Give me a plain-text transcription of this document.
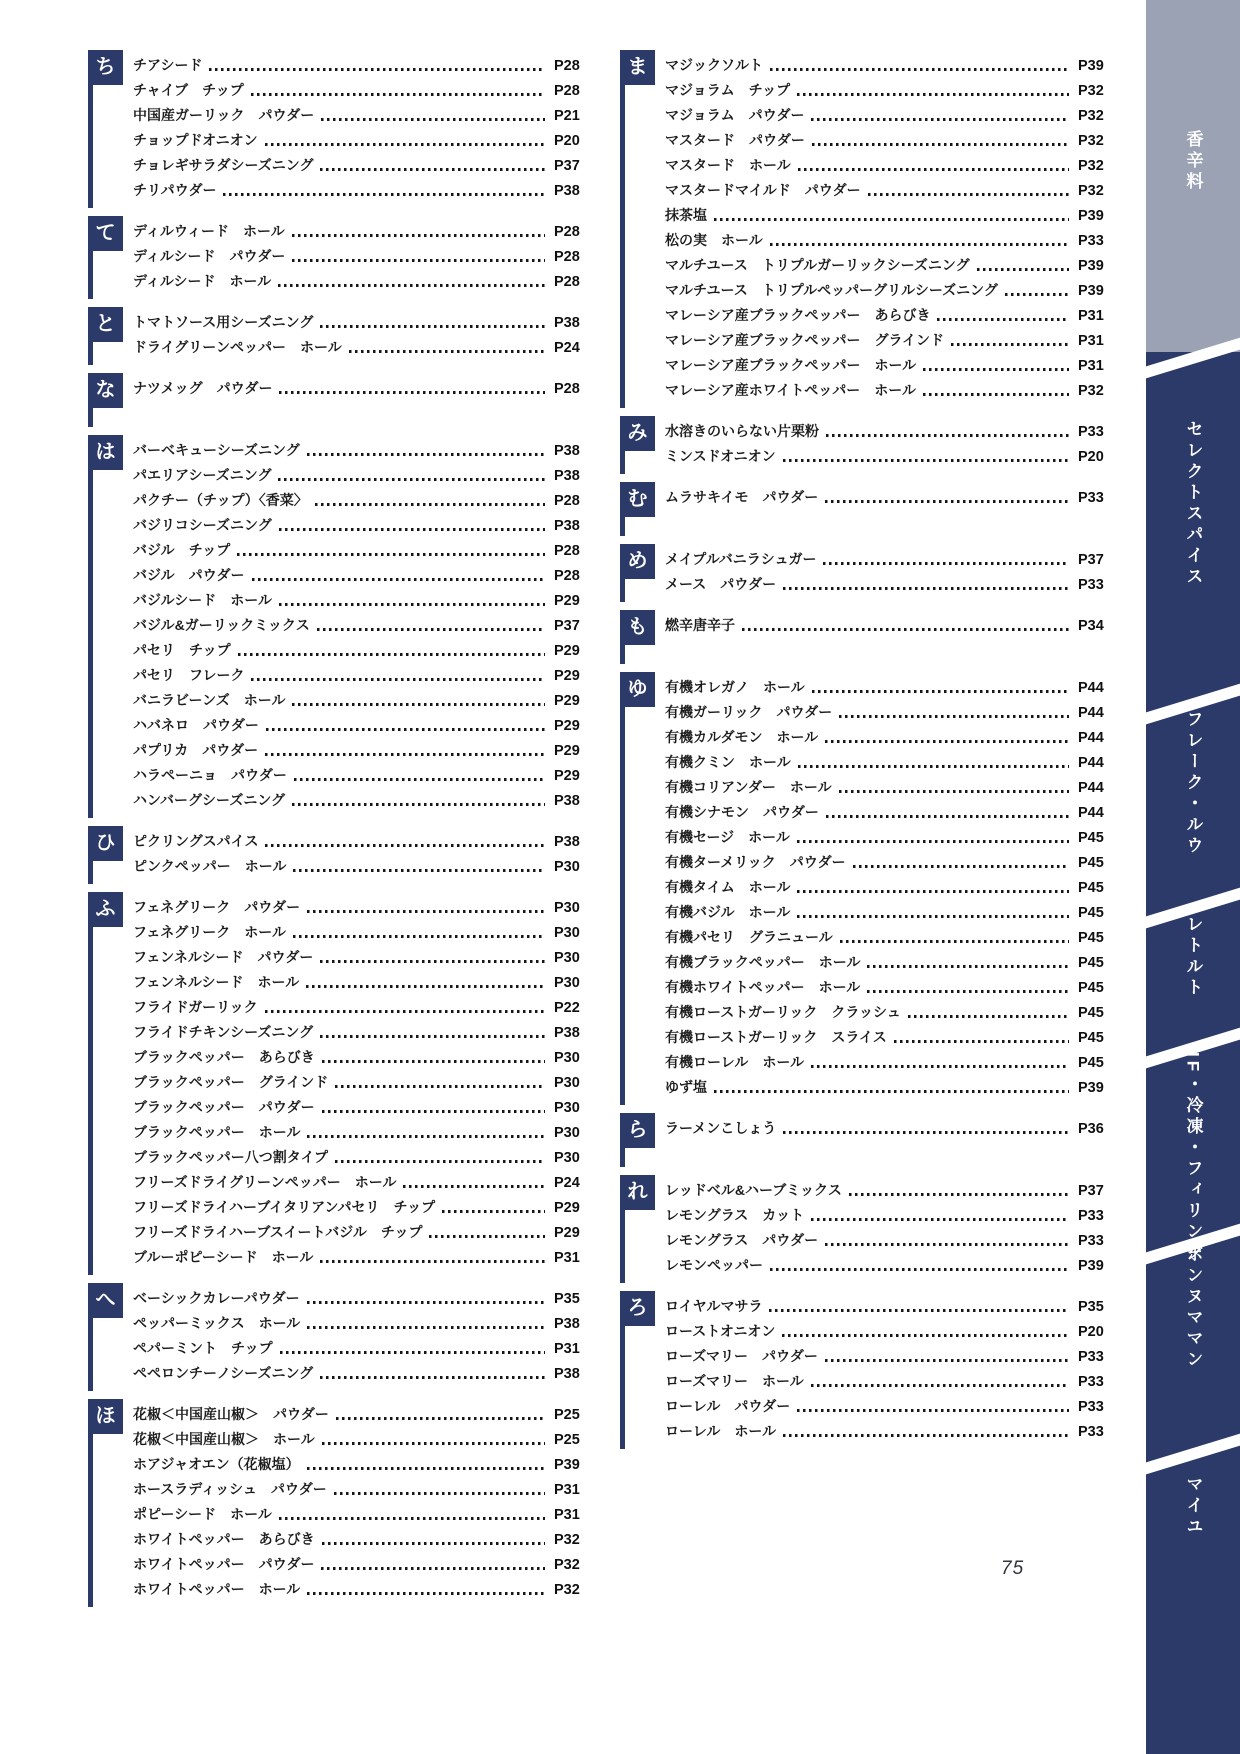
ち	チアシード	P28
チャイブ　チップ	P28
中国産ガーリック　パウダー	P21
チョップドオニオン	P20
チョレギサラダシーズニング	P37
チリパウダー	P38
て	ディルウィード　ホール	P28
ディルシード　パウダー	P28
ディルシード　ホール	P28
と	トマトソース用シーズニング	P38
ドライグリーンペッパー　ホール	P24
な	ナツメッグ　パウダー	P28
は	バーベキューシーズニング	P38
パエリアシーズニング	P38
パクチー（チップ）〈香菜〉	P28
バジリコシーズニング	P38
バジル　チップ	P28
バジル　パウダー	P28
バジルシード　ホール	P29
バジル&ガーリックミックス	P37
パセリ　チップ	P29
パセリ　フレーク	P29
バニラビーンズ　ホール	P29
ハバネロ　パウダー	P29
パプリカ　パウダー	P29
ハラペーニョ　パウダー	P29
ハンバーグシーズニング	P38
ひ	ピクリングスパイス	P38
ピンクペッパー　ホール	P30
ふ	フェネグリーク　パウダー	P30
フェネグリーク　ホール	P30
フェンネルシード　パウダー	P30
フェンネルシード　ホール	P30
フライドガーリック	P22
フライドチキンシーズニング	P38
ブラックペッパー　あらびき	P30
ブラックペッパー　グラインド	P30
ブラックペッパー　パウダー	P30
ブラックペッパー　ホール	P30
ブラックペッパー八つ割タイプ	P30
フリーズドライグリーンペッパー　ホール	P24
フリーズドライハーブイタリアンパセリ　チップ	P29
フリーズドライハーブスイートバジル　チップ	P29
ブルーポピーシード　ホール	P31
へ	ベーシックカレーパウダー	P35
ペッパーミックス　ホール	P38
ペパーミント　チップ	P31
ペペロンチーノシーズニング	P38
ほ	花椒＜中国産山椒＞　パウダー	P25
花椒＜中国産山椒＞　ホール	P25
ホアジャオエン（花椒塩）	P39
ホースラディッシュ　パウダー	P31
ポピーシード　ホール	P31
ホワイトペッパー　あらびき	P32
ホワイトペッパー　パウダー	P32
ホワイトペッパー　ホール	P32
ま	マジックソルト	P39
マジョラム　チップ	P32
マジョラム　パウダー	P32
マスタード　パウダー	P32
マスタード　ホール	P32
マスタードマイルド　パウダー	P32
抹茶塩	P39
松の実　ホール	P33
マルチユース　トリプルガーリックシーズニング	P39
マルチユース　トリプルペッパーグリルシーズニング	P39
マレーシア産ブラックペッパー　あらびき	P31
マレーシア産ブラックペッパー　グラインド	P31
マレーシア産ブラックペッパー　ホール	P31
マレーシア産ホワイトペッパー　ホール	P32
み	水溶きのいらない片栗粉	P33
ミンスドオニオン	P20
む	ムラサキイモ　パウダー	P33
め	メイプルバニラシュガー	P37
メース　パウダー	P33
も	燃辛唐辛子	P34
ゆ	有機オレガノ　ホール	P44
有機ガーリック　パウダー	P44
有機カルダモン　ホール	P44
有機クミン　ホール	P44
有機コリアンダー　ホール	P44
有機シナモン　パウダー	P44
有機セージ　ホール	P45
有機ターメリック　パウダー	P45
有機タイム　ホール	P45
有機バジル　ホール	P45
有機パセリ　グラニュール	P45
有機ブラックペッパー　ホール	P45
有機ホワイトペッパー　ホール	P45
有機ローストガーリック　クラッシュ	P45
有機ローストガーリック　スライス	P45
有機ローレル　ホール	P45
ゆず塩	P39
ら	ラーメンこしょう	P36
れ	レッドベル&ハーブミックス	P37
レモングラス　カット	P33
レモングラス　パウダー	P33
レモンペッパー	P39
ろ	ロイヤルマサラ	P35
ローストオニオン	P20
ローズマリー　パウダー	P33
ローズマリー　ホール	P33
ローレル　パウダー	P33
ローレル　ホール	P33
香辛料
セレクトスパイス
フレーク・ルウ
レトルト
IF・冷凍・フィリング
ボンヌママン
マイユ
75
